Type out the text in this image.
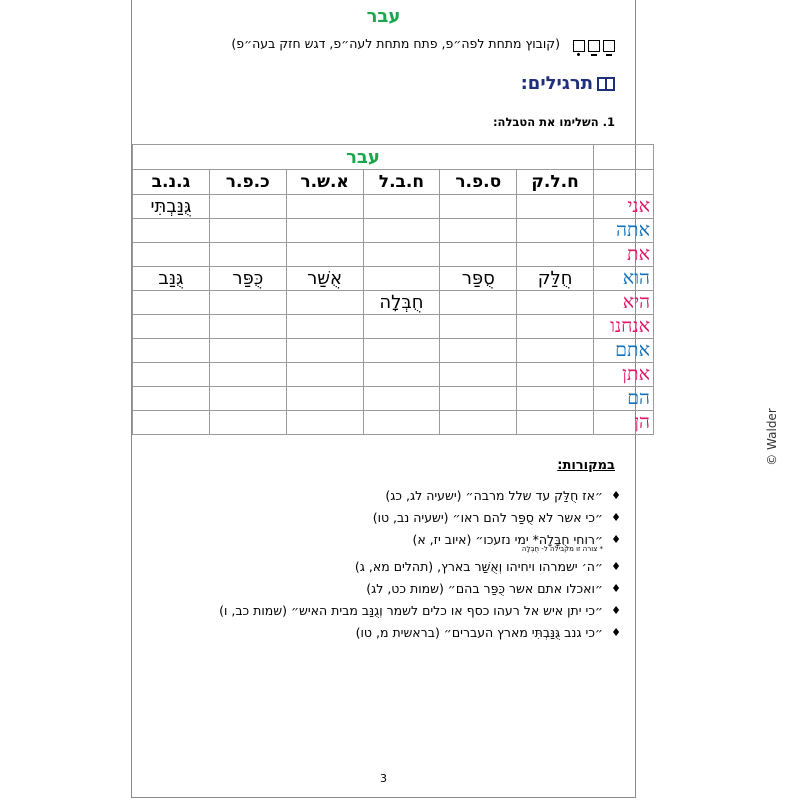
עבר
(קובוץ מתחת לפה״פ, פתח מתחת לעה״פ, דגש חזק בעה״פ)
תרגילים:
1. השלימו את הטבלה:
	עבר					
	ח.ל.ק	ס.פ.ר	ח.ב.ל	א.ש.ר	כ.פ.ר	ג.נ.ב
אני						גֻּנַּבְתִּי
אתה						
את						
הוא	חֻלַּק	סֻפַּר		אֻשַּׁר	כֻּפַּר	גֻּנַּב
היא			חֻבְּלָה			
אנחנו						
אתם						
אתן						
הם						
הן						
במקורות:
♦ ״אז חֻלַּק עד שלל מרבה״ (ישעיה לג, כג)
♦ ״כי אשר לא סֻפַּר להם ראו״ (ישעיה נב, טו)
♦ ״רוחי חֻבָּלָה* ימי נזעכו״ (איוב יז, א)
* צורה זו מקבילה ל- חֻבְּלָה
♦ ״ה׳ ישמרהו ויחיהו וְאֻשַּׁר בארץ, (תהלים מא, ג)
♦ ״ואכלו אתם אשר כֻּפַּר בהם״ (שמות כט, לג)
♦ ״כי יתן איש אל רעהו כסף או כלים לשמר וְגֻנַּב מבית האיש״ (שמות כב, ו)
♦ ״כי גנב גֻּנַּבְתִּי מארץ העברים״ (בראשית מ, טו)
3
© Walder
